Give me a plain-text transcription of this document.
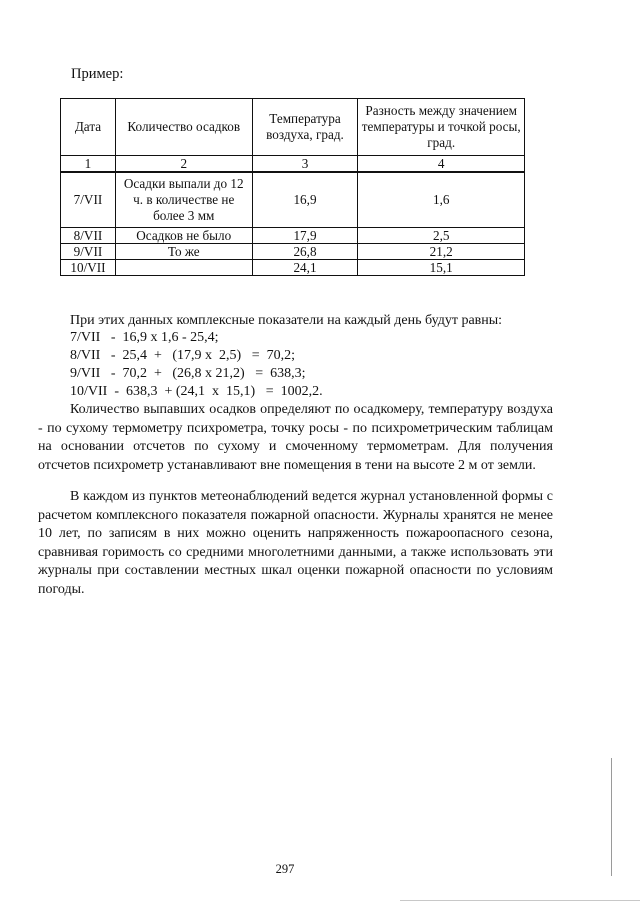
Пример:
Дата	Количество осадков	Температура воздуха, град.	Разность между значением температуры и точкой росы, град.
1	2	3	4
7/VII	Осадки выпали до 12 ч. в количестве не более 3 мм	16,9	1,6
8/VII	Осадков не было	17,9	2,5
9/VII	То же	26,8	21,2
10/VII		24,1	15,1

При этих данных комплексные показатели на каждый день будут равны:

7/VII   -  16,9 х 1,6 - 25,4;
8/VII   -  25,4  +   (17,9 х  2,5)   =  70,2;
9/VII   -  70,2  +   (26,8 х 21,2)   =  638,3;
10/VII  -  638,3  + (24,1  х  15,1)   =  1002,2.

Количество выпавших осадков определяют по осадкомеру, температуру воздуха - по сухому термометру психрометра, точку росы - по психрометрическим таблицам на основании отсчетов по сухому и смоченному термометрам. Для получения отсчетов психрометр устанавливают вне помещения в тени на высоте 2 м от земли.

В каждом из пунктов метеонаблюдений ведется журнал установленной формы с расчетом комплексного показателя пожарной опасности. Журналы хранятся не менее 10 лет, по записям в них можно оценить напряженность пожароопасного сезона, сравнивая горимость со средними многолетними данными, а также использовать эти журналы при составлении местных шкал оценки пожарной опасности по условиям погоды.

297
